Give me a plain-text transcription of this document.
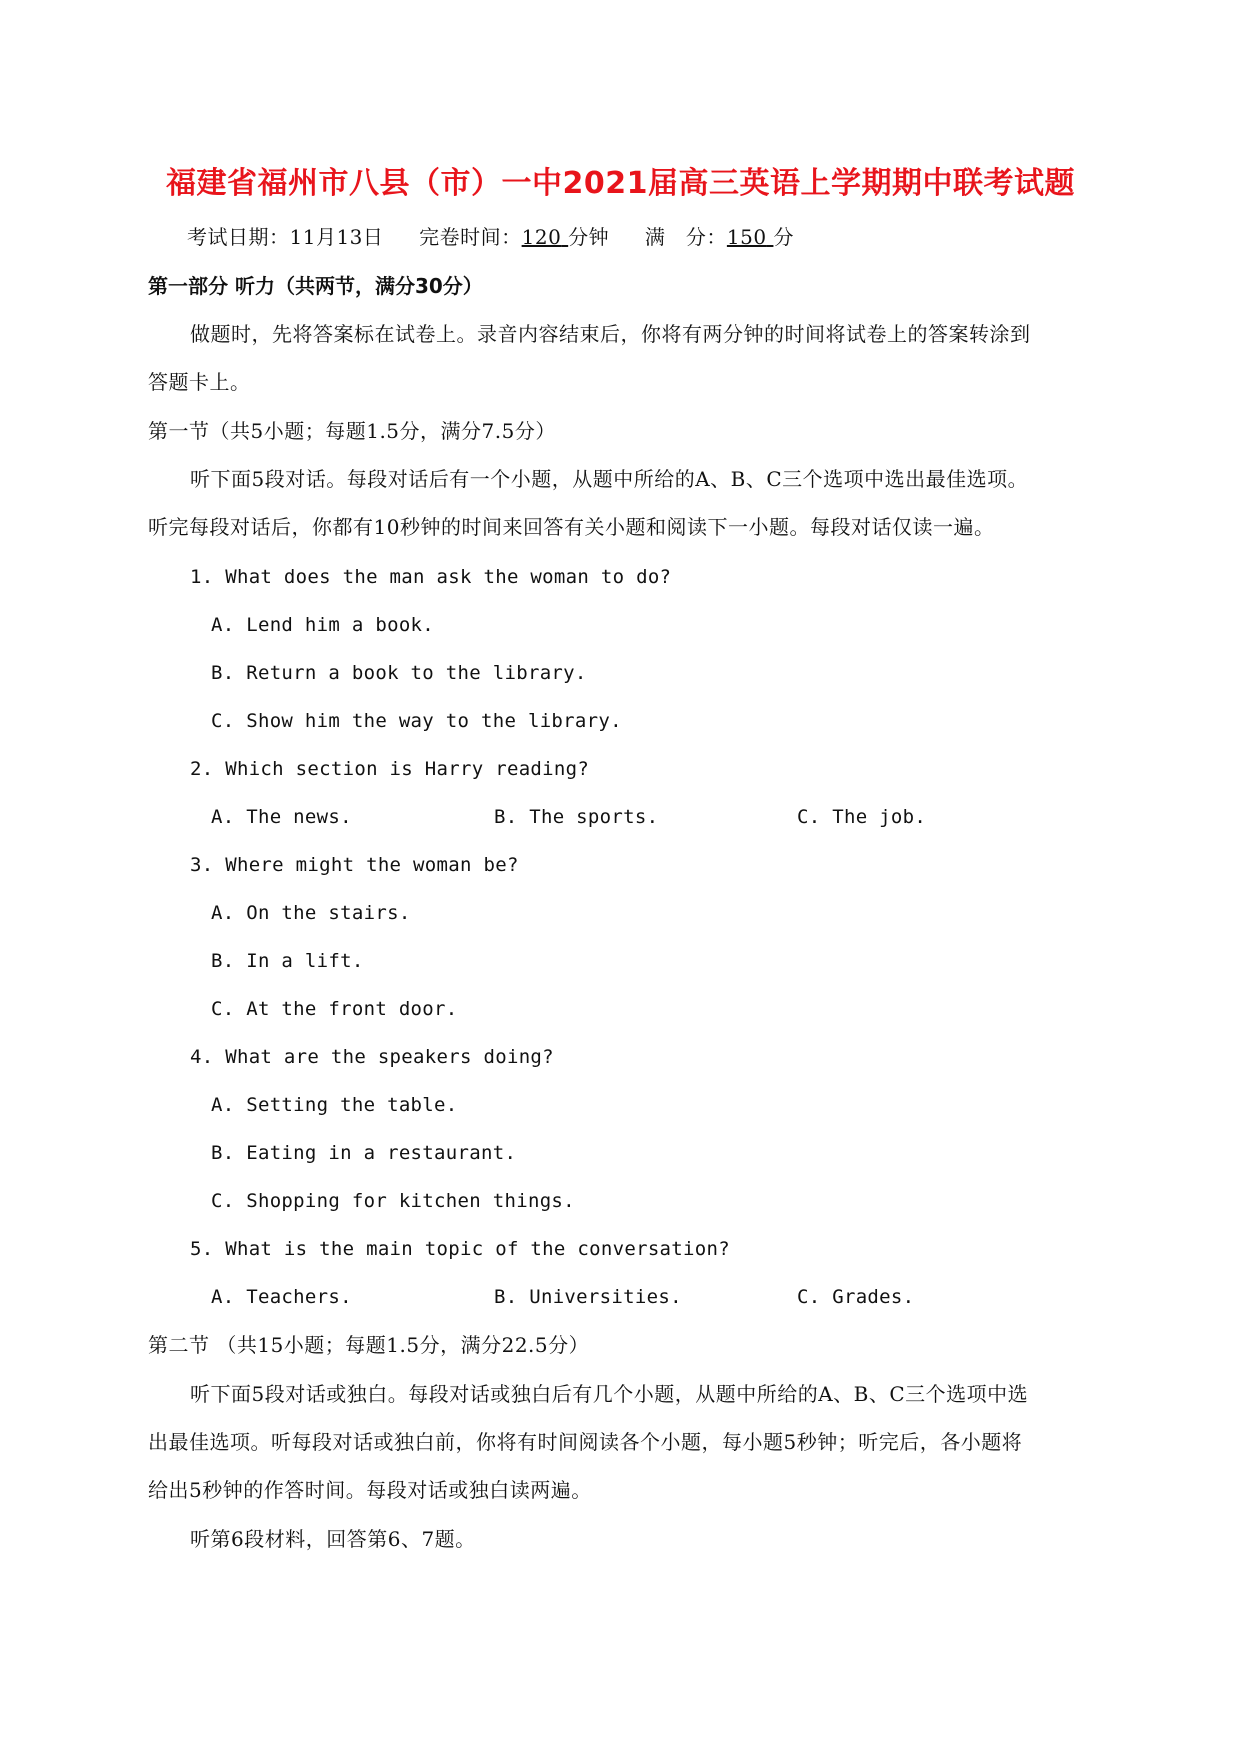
福建省福州市八县（市）一中2021届高三英语上学期期中联考试题
考试日期：11月13日 完卷时间：120 分钟 满　分：150 分
第一部分 听力（共两节，满分30分）
做题时，先将答案标在试卷上。录音内容结束后，你将有两分钟的时间将试卷上的答案转涂到
答题卡上。
第一节（共5小题；每题1.5分，满分7.5分）
听下面5段对话。每段对话后有一个小题，从题中所给的A、B、C三个选项中选出最佳选项。
听完每段对话后，你都有10秒钟的时间来回答有关小题和阅读下一小题。每段对话仅读一遍。
1. What does the man ask the woman to do?
A. Lend him a book.
B. Return a book to the library.
C. Show him the way to the library.
2. Which section is Harry reading?
A. The news.	B. The sports.	C. The job.
3. Where might the woman be?
A. On the stairs.
B. In a lift.
C. At the front door.
4. What are the speakers doing?
A. Setting the table.
B. Eating in a restaurant.
C. Shopping for kitchen things.
5. What is the main topic of the conversation?
A. Teachers.	B. Universities.	C. Grades.
第二节 （共15小题；每题1.5分，满分22.5分）
听下面5段对话或独白。每段对话或独白后有几个小题，从题中所给的A、B、C三个选项中选
出最佳选项。听每段对话或独白前，你将有时间阅读各个小题，每小题5秒钟；听完后，各小题将
给出5秒钟的作答时间。每段对话或独白读两遍。
听第6段材料，回答第6、7题。
